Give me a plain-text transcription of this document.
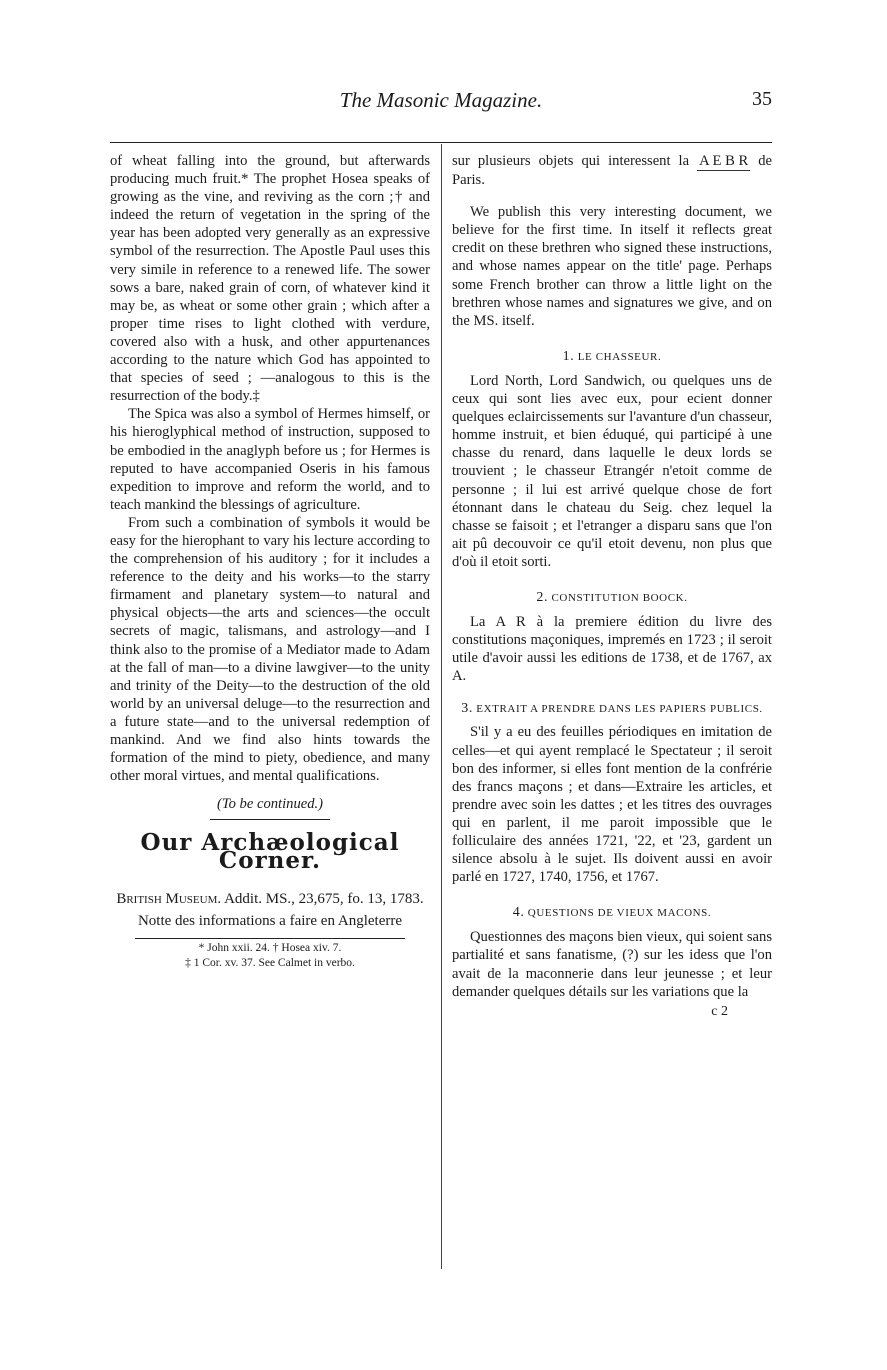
The Masonic Magazine.	35

of wheat falling into the ground, but afterwards producing much fruit.* The prophet Hosea speaks of growing as the vine, and reviving as the corn ;† and indeed the return of vegetation in the spring of the year has been adopted very generally as an expressive symbol of the resurrection. The Apostle Paul uses this very simile in reference to a renewed life. The sower sows a bare, naked grain of corn, of whatever kind it may be, as wheat or some other grain ; which after a proper time rises to light clothed with verdure, covered also with a husk, and other appurtenances according to the nature which God has appointed to that species of seed ; —analogous to this is the resurrection of the body.‡

The Spica was also a symbol of Hermes himself, or his hieroglyphical method of instruction, supposed to be embodied in the anaglyph before us ; for Hermes is reputed to have accompanied Oseris in his famous expedition to improve and reform the world, and to teach mankind the blessings of agriculture.

From such a combination of symbols it would be easy for the hierophant to vary his lecture according to the comprehension of his auditory ; for it includes a reference to the deity and his works—to the starry firmament and planetary system—to natural and physical objects—the arts and sciences—the occult secrets of magic, talismans, and astrology—and I think also to the promise of a Mediator made to Adam at the fall of man—to a divine lawgiver—to the unity and trinity of the Deity—to the destruction of the old world by an universal deluge—to the resurrection and a future state—and to the universal redemption of mankind. And we find also hints towards the formation of the mind to piety, obedience, and many other moral virtues, and mental qualifications.

(To be continued.)
Our Archæological Corner.
British Museum. Addit. MS., 23,675, fo. 13, 1783.
Notte des informations a faire en Angleterre
* John xxii. 24. † Hosea xiv. 7.
‡ 1 Cor. xv. 37. See Calmet in verbo.

sur plusieurs objets qui interessent la A E B R de Paris.

We publish this very interesting document, we believe for the first time. In itself it reflects great credit on these brethren who signed these instructions, and whose names appear on the title' page. Perhaps some French brother can throw a little light on the brethren whose names and signatures we give, and on the MS. itself.

1. LE CHASSEUR.

Lord North, Lord Sandwich, ou quelques uns de ceux qui sont lies avec eux, pour ecient donner quelques eclaircissements sur l'avanture d'un chasseur, homme instruit, et bien éduqué, qui participé à une chasse du renard, dans laquelle le deux lords se trouvient ; le chasseur Etrangér n'etoit comme de personne ; il lui est arrivé quelque chose de fort étonnant dans le chateau du Seig. chez lequel la chasse se faisoit ; et l'etranger a disparu sans que l'on ait pû decouvoir ce qu'il etoit devenu, non plus que d'où il etoit sorti.

2. CONSTITUTION BOOCK.

La A R à la premiere édition du livre des constitutions maçoniques, impremés en 1723 ; il seroit utile d'avoir aussi les editions de 1738, et de 1767, ax A.

3. EXTRAIT A PRENDRE DANS LES PAPIERS PUBLICS.

S'il y a eu des feuilles périodiques en imitation de celles—et qui ayent remplacé le Spectateur ; il seroit bon des informer, si elles font mention de la confrérie des francs maçons ; et dans—Extraire les articles, et prendre avec soin les dattes ; et les titres des ouvrages qui en parlent, il me paroit impossible que le folliculaire des années 1721, '22, et '23, gardent un silence absolu à le sujet. Ils doivent aussi en avoir parlé en 1727, 1740, 1756, et 1767.

4. QUESTIONS DE VIEUX MACONS.

Questionnes des maçons bien vieux, qui soient sans partialité et sans fanatisme, (?) sur les idess que l'on avait de la maconnerie dans leur jeunesse ; et leur demander quelques détails sur les variations que la

c 2
